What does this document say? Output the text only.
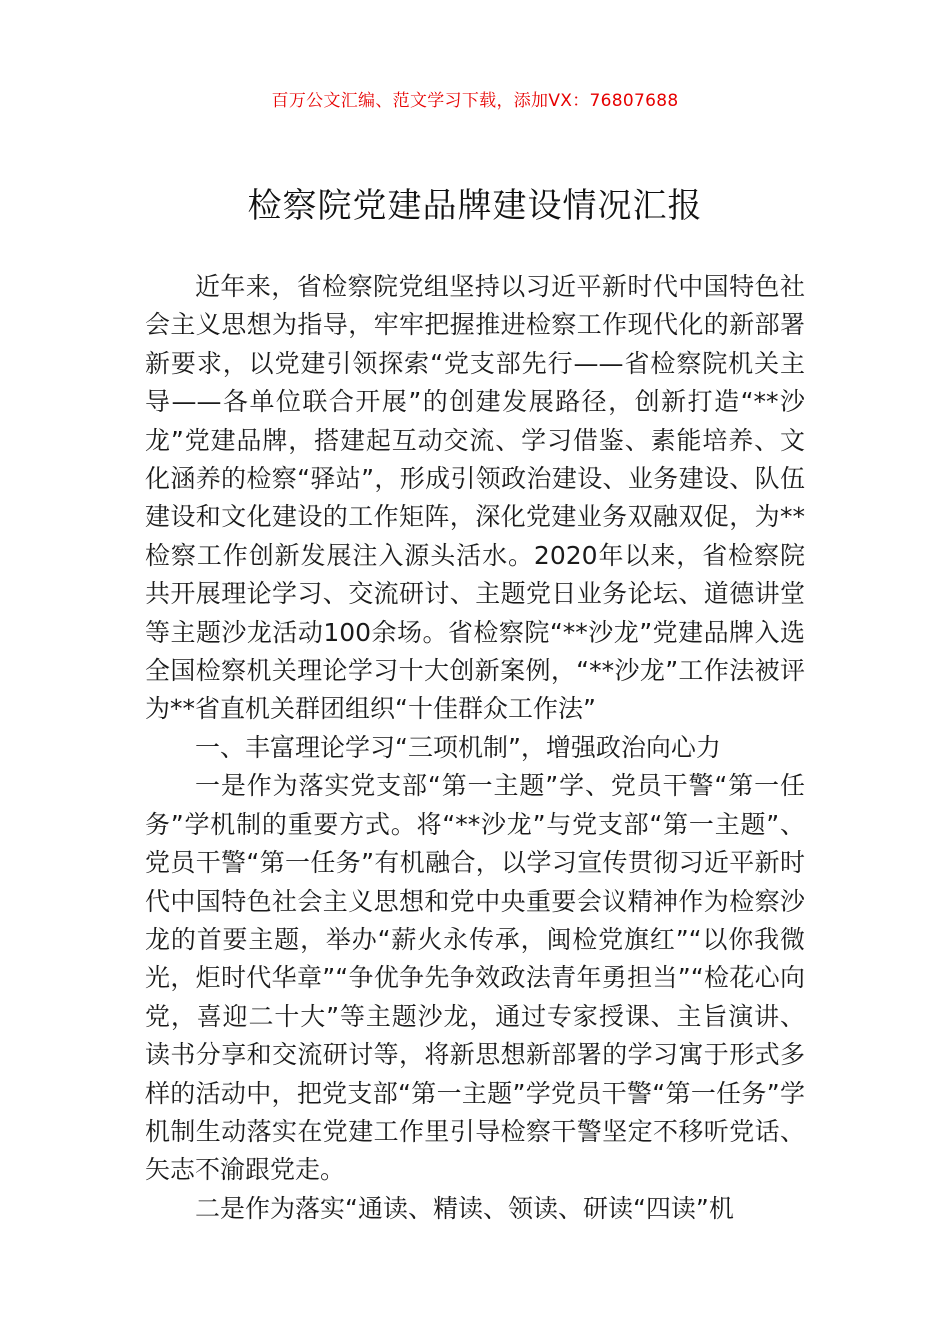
百万公文汇编、范文学习下载，添加VX：76807688
检察院党建品牌建设情况汇报

近年来，省检察院党组坚持以习近平新时代中国特色社会主义思想为指导，牢牢把握推进检察工作现代化的新部署新要求，以党建引领探索“党支部先行——省检察院机关主导——各单位联合开展”的创建发展路径，创新打造“**沙龙”党建品牌，搭建起互动交流、学习借鉴、素能培养、文化涵养的检察“驿站”，形成引领政治建设、业务建设、队伍建设和文化建设的工作矩阵，深化党建业务双融双促，为**检察工作创新发展注入源头活水。2020年以来，省检察院共开展理论学习、交流研讨、主题党日业务论坛、道德讲堂等主题沙龙活动100余场。省检察院“**沙龙”党建品牌入选全国检察机关理论学习十大创新案例，“**沙龙”工作法被评为**省直机关群团组织“十佳群众工作法”

一、丰富理论学习“三项机制”，增强政治向心力

一是作为落实党支部“第一主题”学、党员干警“第一任务”学机制的重要方式。将“**沙龙”与党支部“第一主题”、党员干警“第一任务”有机融合，以学习宣传贯彻习近平新时代中国特色社会主义思想和党中央重要会议精神作为检察沙龙的首要主题，举办“薪火永传承，闽检党旗红”“以你我微光，炬时代华章”“争优争先争效政法青年勇担当”“检花心向党，喜迎二十大”等主题沙龙，通过专家授课、主旨演讲、读书分享和交流研讨等，将新思想新部署的学习寓于形式多样的活动中，把党支部“第一主题”学党员干警“第一任务”学机制生动落实在党建工作里引导检察干警坚定不移听党话、矢志不渝跟党走。

二是作为落实“通读、精读、领读、研读“四读”机
